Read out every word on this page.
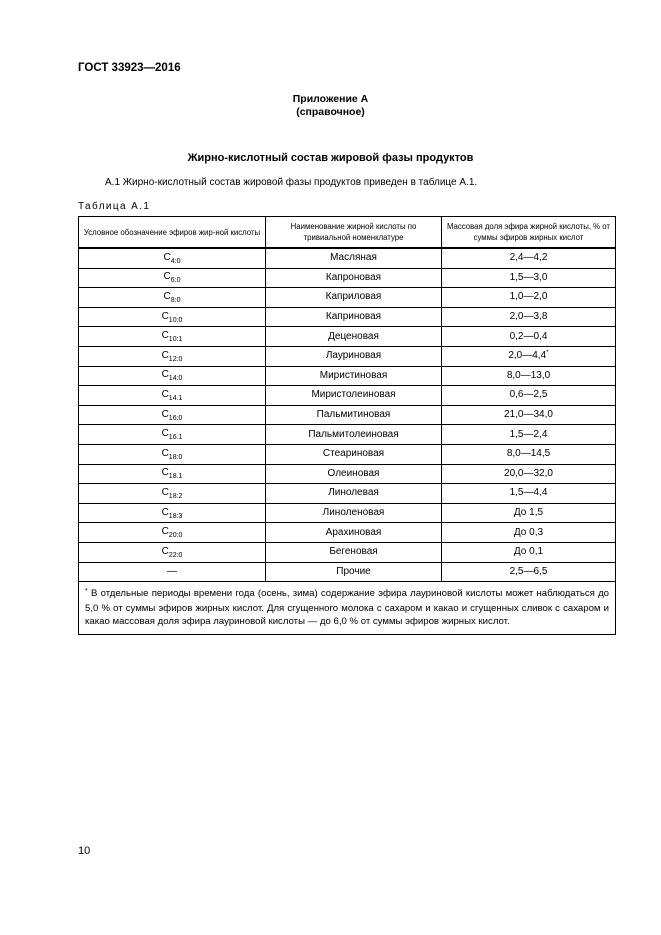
ГОСТ 33923—2016
Приложение А
(справочное)
Жирно-кислотный состав жировой фазы продуктов
А.1 Жирно-кислотный состав жировой фазы продуктов приведен в таблице А.1.
Таблица А.1
Условное обозначение эфиров жир-ной кислоты	Наименование жирной кислоты по тривиальной номенклатуре	Массовая доля эфира жирной кислоты, % от суммы эфиров жирных кислот
$C_{4:0}$	Масляная	2,4—4,2
$C_{6:0}$	Капроновая	1,5—3,0
$C_{8:0}$	Каприловая	1,0—2,0
$C_{10:0}$	Каприновая	2,0—3,8
$C_{10:1}$	Деценовая	0,2—0,4
$C_{12:0}$	Лауриновая	2,0—4,4*
$C_{14:0}$	Миристиновая	8,0—13,0
$C_{14.1}$	Миристолеиновая	0,6—2,5
$C_{16:0}$	Пальмитиновая	21,0—34,0
$C_{16.1}$	Пальмитолеиновая	1,5—2,4
$C_{18:0}$	Стеариновая	8,0—14,5
$C_{18.1}$	Олеиновая	20,0—32,0
$C_{18:2}$	Линолевая	1,5—4,4
$C_{18:3}$	Линоленовая	До 1,5
$C_{20:0}$	Арахиновая	До 0,3
$C_{22:0}$	Бегеновая	До 0,1
—	Прочие	2,5—6,5
* В отдельные периоды времени года (осень, зима) содержание эфира лауриновой кислоты может наблюдаться до 5,0 % от суммы эфиров жирных кислот. Для сгущенного молока с сахаром и какао и сгущенных сливок с сахаром и какао массовая доля эфира лауриновой кислоты — до 6,0 % от суммы эфиров жирных кислот.		
10
